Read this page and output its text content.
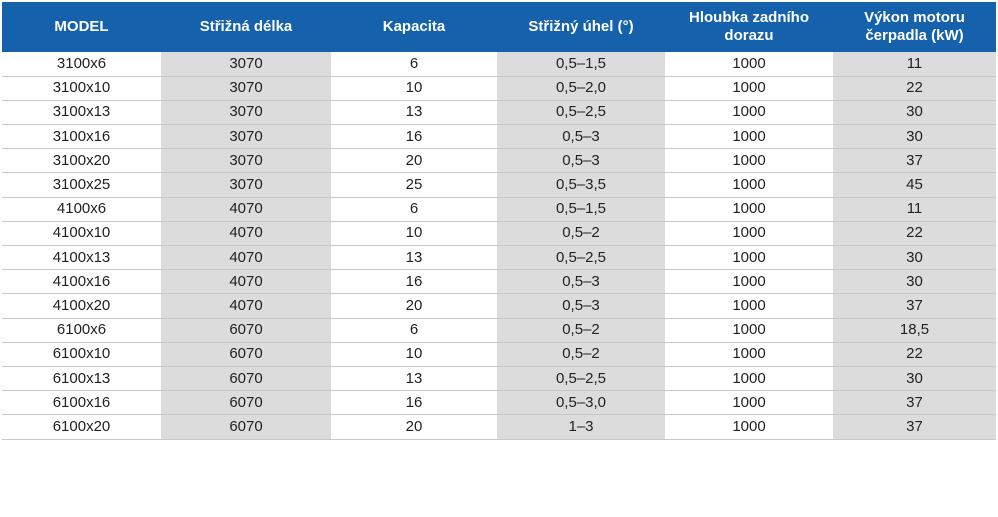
MODEL	Střižná délka	Kapacita	Střižný úhel (°)	Hloubka zadního dorazu	Výkon motoru čerpadla (kW)
3100x6	3070	6	0,5–1,5	1000	11
3100x10	3070	10	0,5–2,0	1000	22
3100x13	3070	13	0,5–2,5	1000	30
3100x16	3070	16	0,5–3	1000	30
3100x20	3070	20	0,5–3	1000	37
3100x25	3070	25	0,5–3,5	1000	45
4100x6	4070	6	0,5–1,5	1000	11
4100x10	4070	10	0,5–2	1000	22
4100x13	4070	13	0,5–2,5	1000	30
4100x16	4070	16	0,5–3	1000	30
4100x20	4070	20	0,5–3	1000	37
6100x6	6070	6	0,5–2	1000	18,5
6100x10	6070	10	0,5–2	1000	22
6100x13	6070	13	0,5–2,5	1000	30
6100x16	6070	16	0,5–3,0	1000	37
6100x20	6070	20	1–3	1000	37
